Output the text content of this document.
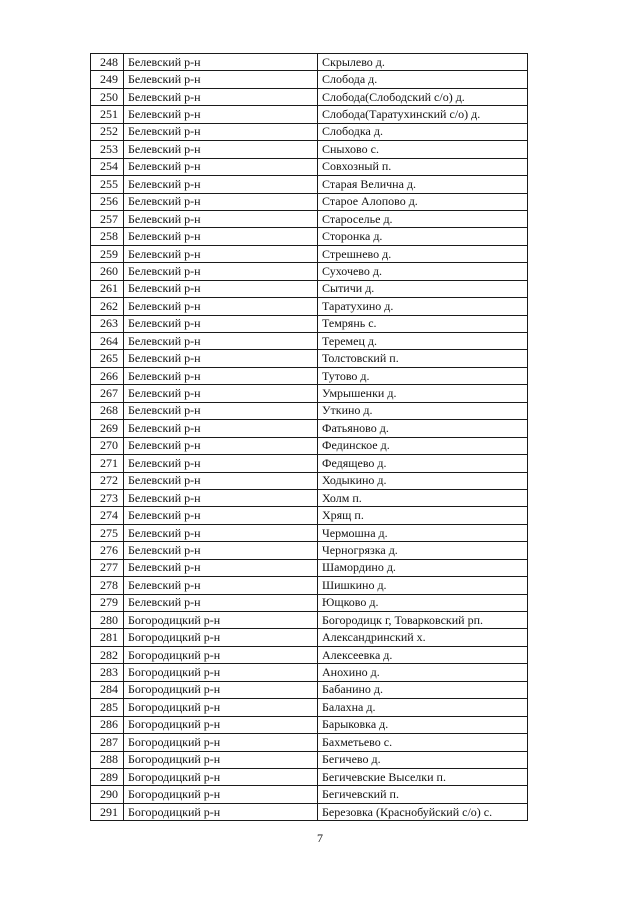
248	Белевский р-н	Скрылево д.
249	Белевский р-н	Слобода д.
250	Белевский р-н	Слобода(Слободский с/о) д.
251	Белевский р-н	Слобода(Таратухинский с/о) д.
252	Белевский р-н	Слободка д.
253	Белевский р-н	Сныхово с.
254	Белевский р-н	Совхозный п.
255	Белевский р-н	Старая Велична д.
256	Белевский р-н	Старое Алопово д.
257	Белевский р-н	Староселье д.
258	Белевский р-н	Сторонка д.
259	Белевский р-н	Стрешнево д.
260	Белевский р-н	Сухочево д.
261	Белевский р-н	Сытичи д.
262	Белевский р-н	Таратухино д.
263	Белевский р-н	Темрянь с.
264	Белевский р-н	Теремец д.
265	Белевский р-н	Толстовский п.
266	Белевский р-н	Тутово д.
267	Белевский р-н	Умрышенки д.
268	Белевский р-н	Уткино д.
269	Белевский р-н	Фатьяново д.
270	Белевский р-н	Фединское д.
271	Белевский р-н	Федящево д.
272	Белевский р-н	Ходыкино д.
273	Белевский р-н	Холм п.
274	Белевский р-н	Хрящ п.
275	Белевский р-н	Чермошна д.
276	Белевский р-н	Черногрязка д.
277	Белевский р-н	Шамордино д.
278	Белевский р-н	Шишкино д.
279	Белевский р-н	Ющково д.
280	Богородицкий р-н	Богородицк г, Товарковский рп.
281	Богородицкий р-н	Александринский х.
282	Богородицкий р-н	Алексеевка д.
283	Богородицкий р-н	Анохино д.
284	Богородицкий р-н	Бабанино д.
285	Богородицкий р-н	Балахна д.
286	Богородицкий р-н	Барыковка д.
287	Богородицкий р-н	Бахметьево с.
288	Богородицкий р-н	Бегичево д.
289	Богородицкий р-н	Бегичевские Выселки п.
290	Богородицкий р-н	Бегичевский п.
291	Богородицкий р-н	Березовка (Краснобуйский с/о) с.
7
